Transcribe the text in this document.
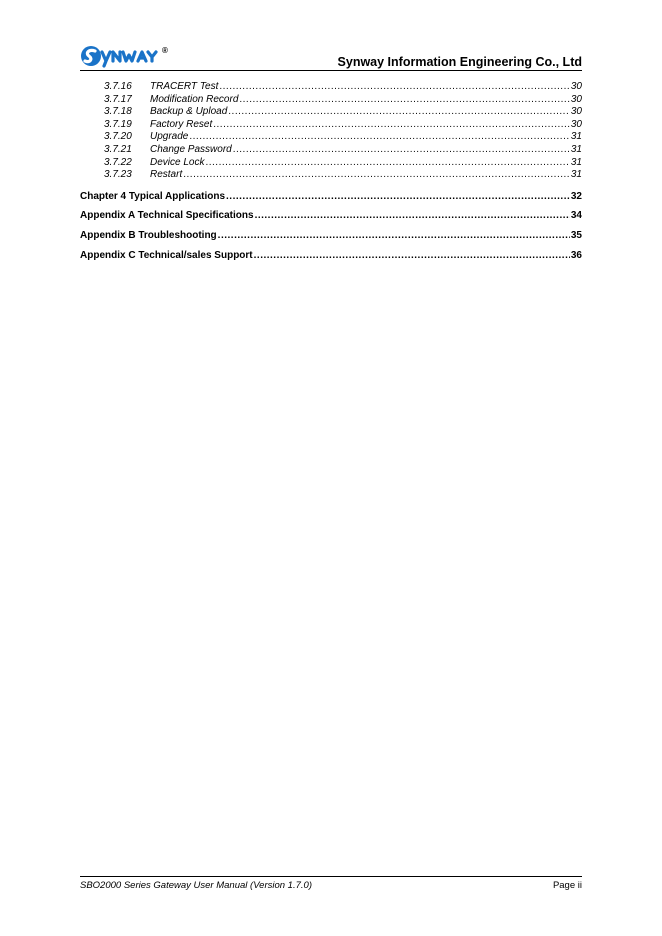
®
Synway Information Engineering Co., Ltd
3.7.16	TRACERT Test .....	30
3.7.17	Modification Record .....	30
3.7.18	Backup & Upload .....	30
3.7.19	Factory Reset .....	30
3.7.20	Upgrade .....	31
3.7.21	Change Password .....	31
3.7.22	Device Lock .....	31
3.7.23	Restart .....	31
Chapter 4 Typical Applications .....	32
Appendix A Technical Specifications .....	34
Appendix B Troubleshooting .....	35
Appendix C Technical/sales Support .....	36
SBO2000 Series Gateway User Manual (Version 1.7.0)	Page ii
